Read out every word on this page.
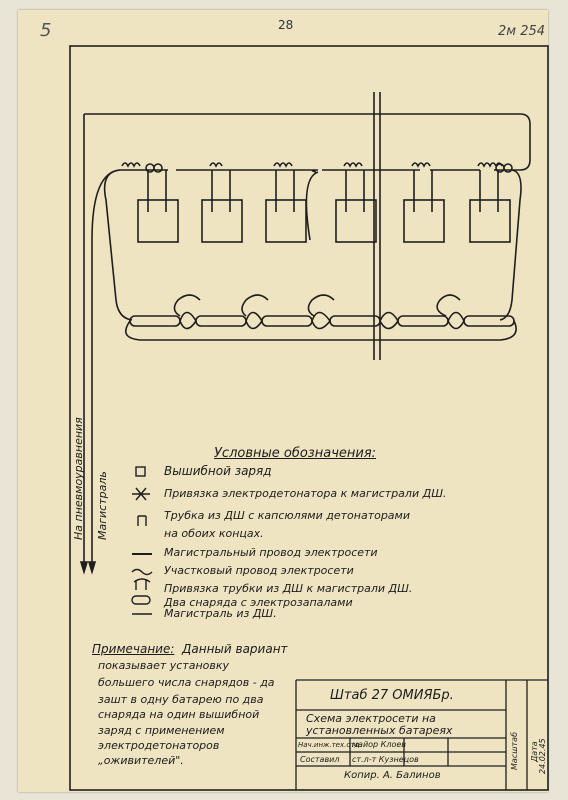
28
5	2м 254
На пневмоуравнения Магистраль
Условные обозначения:
Вышибной заряд
Привязка электродетонатора к магистрали ДШ.
Трубка из ДШ с капсюлями детонаторами
на обоих концах.
Магистральный провод электросети
Участковый провод электросети
Привязка трубки из ДШ к магистрали ДШ.
Два снаряда с электрозапалами
Магистраль из ДШ.
Примечание: Данный вариант
показывает установку
большего числа снарядов - да
зашт в одну батарею по два
снаряда на один вышибной
заряд с применением
электродетонаторов
„оживителей".
Штаб 27 ОМИЯБр.
Схема электросети на
установленных батареях
Нач.инж.тех.отд.
майор Клоев
Составил ст.л-т Кузнецов	Масштаб Дата 24.02.45
Копир. А. Балинов
